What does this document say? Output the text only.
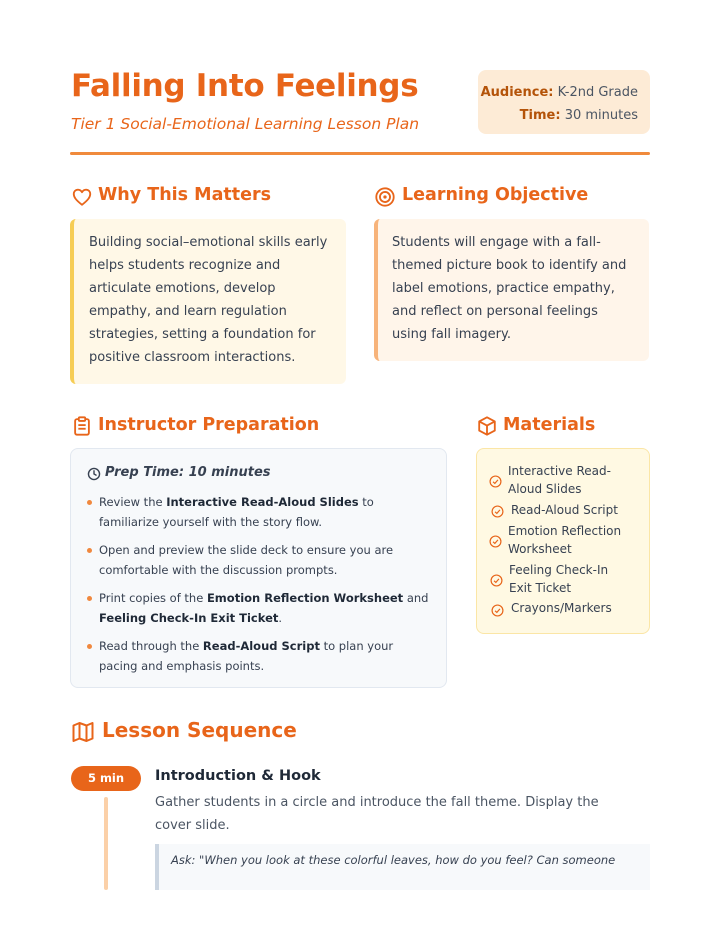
Falling Into Feelings
Tier 1 Social-Emotional Learning Lesson Plan
Audience: K-2nd Grade
Time: 30 minutes
Why This Matters

Building social–emotional skills early helps students recognize and articulate emotions, develop empathy, and learn regulation strategies, setting a foundation for positive classroom interactions.

Learning Objective

Students will engage with a fall-themed picture book to identify and label emotions, practice empathy, and reflect on personal feelings using fall imagery.

Instructor Preparation
Prep Time: 10 minutes
Review the Interactive Read-Aloud Slides to familiarize yourself with the story flow.
Open and preview the slide deck to ensure you are comfortable with the discussion prompts.
Print copies of the Emotion Reflection Worksheet and Feeling Check-In Exit Ticket.
Read through the Read-Aloud Script to plan your pacing and emphasis points.
Materials
Interactive Read-Aloud Slides
Read-Aloud Script
Emotion Reflection Worksheet
Feeling Check-In Exit Ticket
Crayons/Markers
Lesson Sequence
5 min	Introduction & Hook
Gather students in a circle and introduce the fall theme. Display the cover slide.
Ask: "When you look at these colorful leaves, how do you feel? Can someone
